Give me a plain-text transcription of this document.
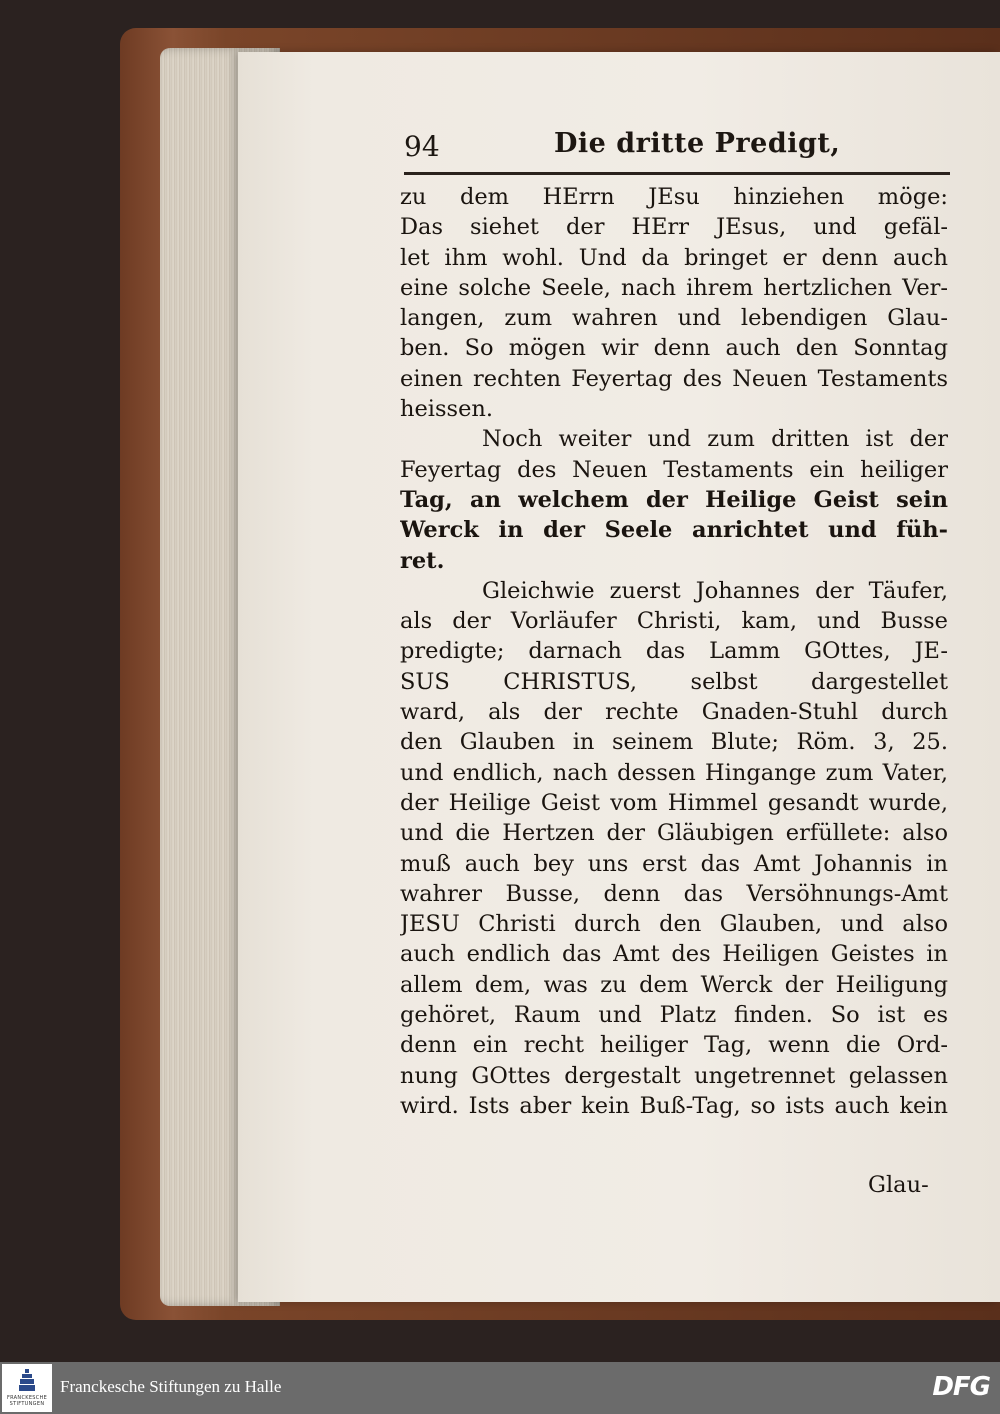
94	Die dritte Predigt,
zu dem HErrn JEsu hinziehen möge:
Das siehet der HErr JEsus, und gefäl-
let ihm wohl. Und da bringet er denn auch
eine solche Seele, nach ihrem hertzlichen Ver-
langen, zum wahren und lebendigen Glau-
ben. So mögen wir denn auch den Sonntag
einen rechten Feyertag des Neuen Testaments
heissen.
Noch weiter und zum dritten ist der
Feyertag des Neuen Testaments ein heiliger
Tag, an welchem der Heilige Geist sein
Werck in der Seele anrichtet und füh-
ret.
Gleichwie zuerst Johannes der Täufer,
als der Vorläufer Christi, kam, und Busse
predigte; darnach das Lamm GOttes, JE-
SUS CHRISTUS, selbst dargestellet
ward, als der rechte Gnaden-Stuhl durch
den Glauben in seinem Blute; Röm. 3, 25.
und endlich, nach dessen Hingange zum Vater,
der Heilige Geist vom Himmel gesandt wurde,
und die Hertzen der Gläubigen erfüllete: also
muß auch bey uns erst das Amt Johannis in
wahrer Busse, denn das Versöhnungs-Amt
JESU Christi durch den Glauben, und also
auch endlich das Amt des Heiligen Geistes in
allem dem, was zu dem Werck der Heiligung
gehöret, Raum und Platz finden. So ist es
denn ein recht heiliger Tag, wenn die Ord-
nung GOttes dergestalt ungetrennet gelassen
wird. Ists aber kein Buß-Tag, so ists auch kein
Glau-
FRANCKESCHE
STIFTUNGEN
Franckesche Stiftungen zu Halle	DFG
